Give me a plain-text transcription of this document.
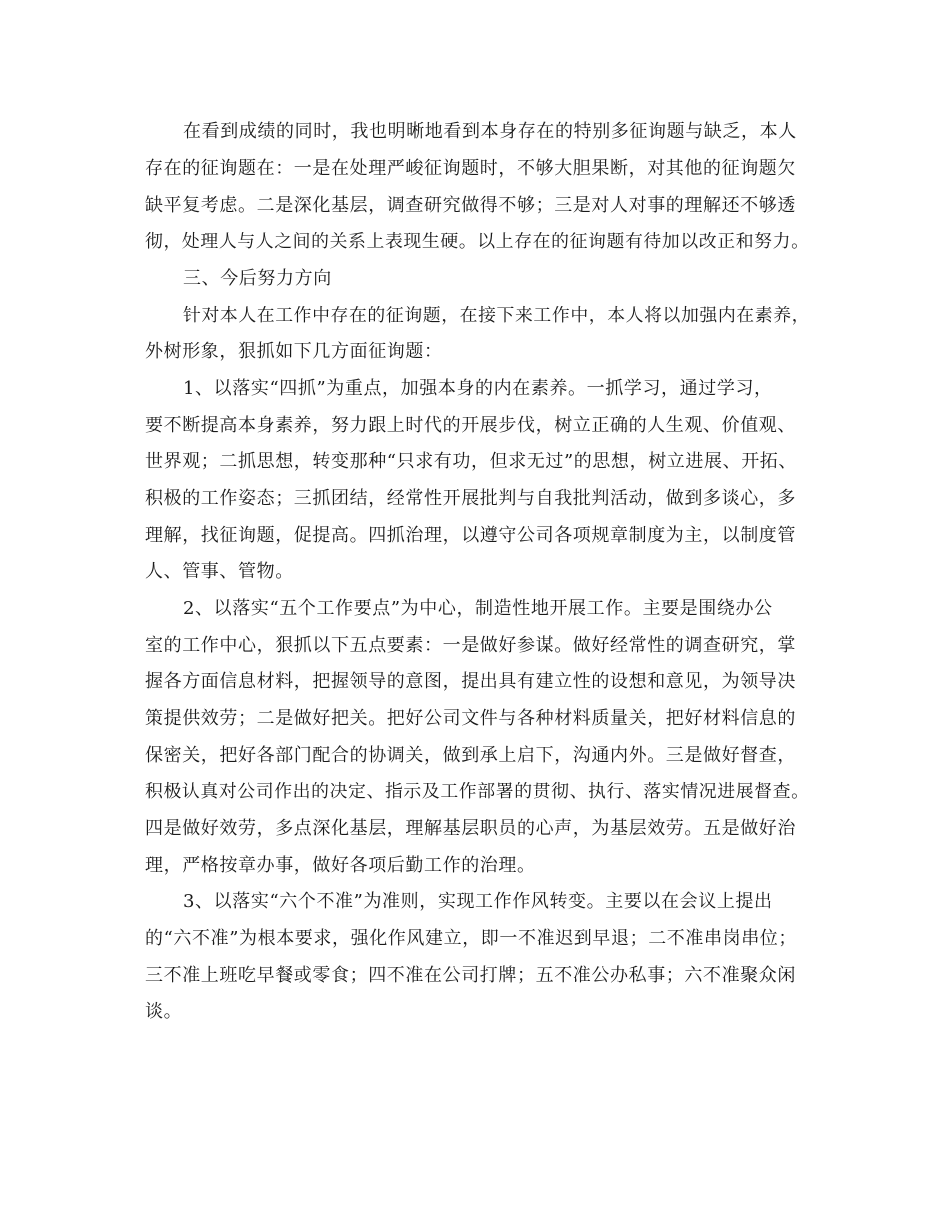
在看到成绩的同时，我也明晰地看到本身存在的特别多征询题与缺乏，本人
存在的征询题在：一是在处理严峻征询题时，不够大胆果断，对其他的征询题欠
缺平复考虑。二是深化基层，调查研究做得不够；三是对人对事的理解还不够透
彻，处理人与人之间的关系上表现生硬。以上存在的征询题有待加以改正和努力。
三、今后努力方向
针对本人在工作中存在的征询题，在接下来工作中，本人将以加强内在素养，
外树形象，狠抓如下几方面征询题：
1、以落实“四抓”为重点，加强本身的内在素养。一抓学习，通过学习，
要不断提高本身素养，努力跟上时代的开展步伐，树立正确的人生观、价值观、
世界观；二抓思想，转变那种“只求有功，但求无过”的思想，树立进展、开拓、
积极的工作姿态；三抓团结，经常性开展批判与自我批判活动，做到多谈心，多
理解，找征询题，促提高。四抓治理，以遵守公司各项规章制度为主，以制度管
人、管事、管物。
2、以落实“五个工作要点”为中心，制造性地开展工作。主要是围绕办公
室的工作中心，狠抓以下五点要素：一是做好参谋。做好经常性的调查研究，掌
握各方面信息材料，把握领导的意图，提出具有建立性的设想和意见，为领导决
策提供效劳；二是做好把关。把好公司文件与各种材料质量关，把好材料信息的
保密关，把好各部门配合的协调关，做到承上启下，沟通内外。三是做好督查，
积极认真对公司作出的决定、指示及工作部署的贯彻、执行、落实情况进展督查。
四是做好效劳，多点深化基层，理解基层职员的心声，为基层效劳。五是做好治
理，严格按章办事，做好各项后勤工作的治理。
3、以落实“六个不准”为准则，实现工作作风转变。主要以在会议上提出
的“六不准”为根本要求，强化作风建立，即一不准迟到早退；二不准串岗串位；
三不准上班吃早餐或零食；四不准在公司打牌；五不准公办私事；六不准聚众闲
谈。
